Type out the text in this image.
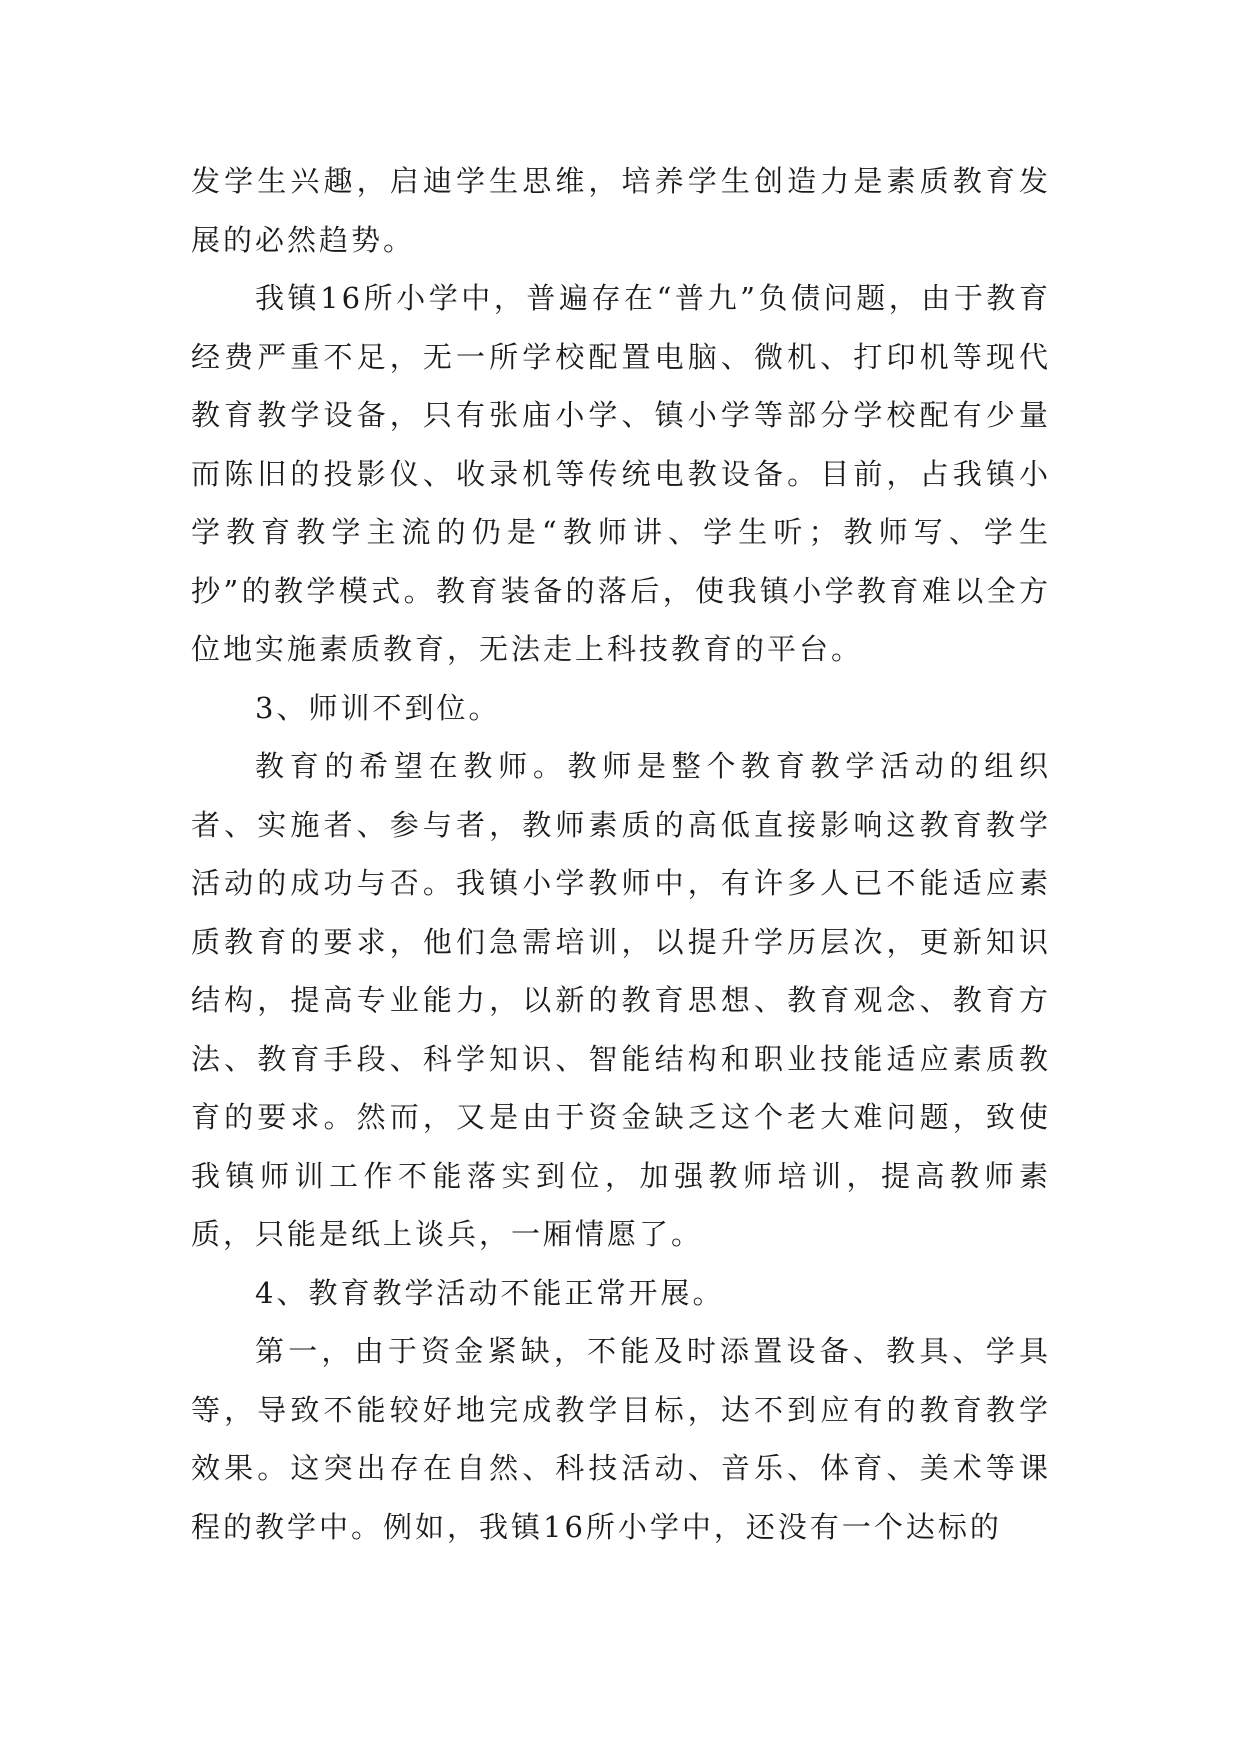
发学生兴趣，启迪学生思维，培养学生创造力是素质教育发展的必然趋势。

我镇16所小学中，普遍存在“普九”负债问题，由于教育经费严重不足，无一所学校配置电脑、微机、打印机等现代教育教学设备，只有张庙小学、镇小学等部分学校配有少量而陈旧的投影仪、收录机等传统电教设备。目前，占我镇小学教育教学主流的仍是“教师讲、学生听；教师写、学生抄”的教学模式。教育装备的落后，使我镇小学教育难以全方位地实施素质教育，无法走上科技教育的平台。

3、师训不到位。

教育的希望在教师。教师是整个教育教学活动的组织者、实施者、参与者，教师素质的高低直接影响这教育教学活动的成功与否。我镇小学教师中，有许多人已不能适应素质教育的要求，他们急需培训，以提升学历层次，更新知识结构，提高专业能力，以新的教育思想、教育观念、教育方法、教育手段、科学知识、智能结构和职业技能适应素质教育的要求。然而，又是由于资金缺乏这个老大难问题，致使我镇师训工作不能落实到位，加强教师培训，提高教师素质，只能是纸上谈兵，一厢情愿了。

4、教育教学活动不能正常开展。

第一，由于资金紧缺，不能及时添置设备、教具、学具等，导致不能较好地完成教学目标，达不到应有的教育教学效果。这突出存在自然、科技活动、音乐、体育、美术等课程的教学中。例如，我镇16所小学中，还没有一个达标的
